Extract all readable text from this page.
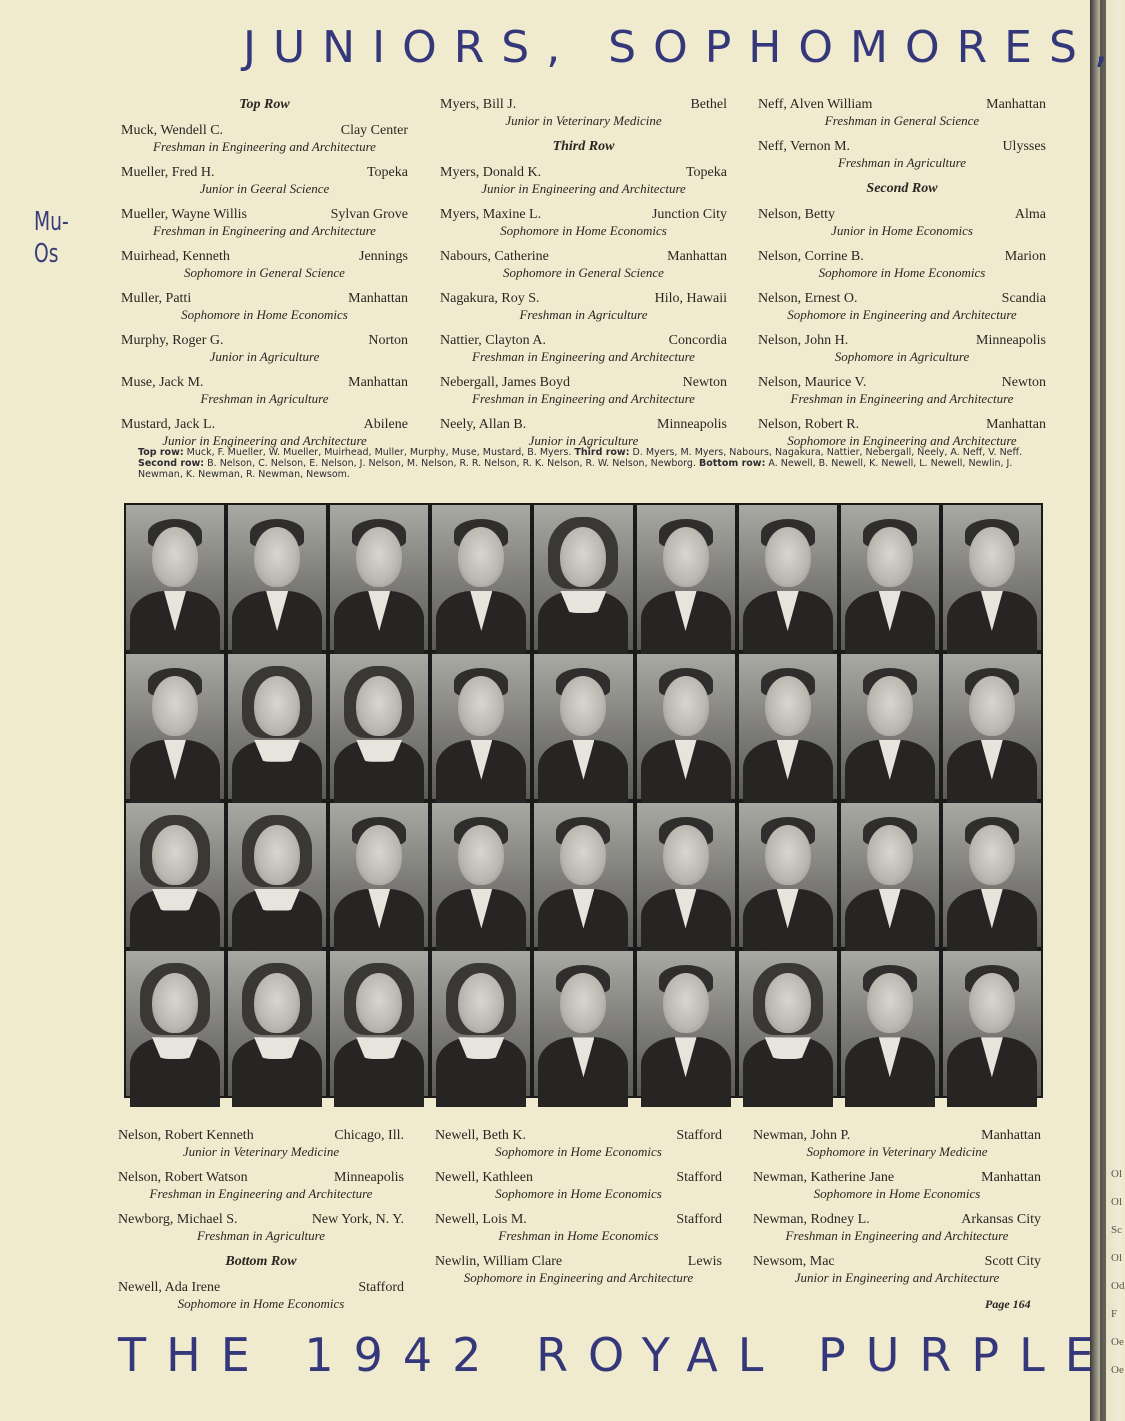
JUNIORS, SOPHOMORES,
Mu-
Os
Top Row
Muck, Wendell C.	Clay Center
Freshman in Engineering and Architecture
Mueller, Fred H.	Topeka
Junior in Geeral Science
Mueller, Wayne Willis	Sylvan Grove
Freshman in Engineering and Architecture
Muirhead, Kenneth	Jennings
Sophomore in General Science
Muller, Patti	Manhattan
Sophomore in Home Economics
Murphy, Roger G.	Norton
Junior in Agriculture
Muse, Jack M.	Manhattan
Freshman in Agriculture
Mustard, Jack L.	Abilene
Junior in Engineering and Architecture
Myers, Bill J.	Bethel
Junior in Veterinary Medicine
Third Row
Myers, Donald K.	Topeka
Junior in Engineering and Architecture
Myers, Maxine L.	Junction City
Sophomore in Home Economics
Nabours, Catherine	Manhattan
Sophomore in General Science
Nagakura, Roy S.	Hilo, Hawaii
Freshman in Agriculture
Nattier, Clayton A.	Concordia
Freshman in Engineering and Architecture
Nebergall, James Boyd	Newton
Freshman in Engineering and Architecture
Neely, Allan B.	Minneapolis
Junior in Agriculture
Neff, Alven William	Manhattan
Freshman in General Science
Neff, Vernon M.	Ulysses
Freshman in Agriculture
Second Row
Nelson, Betty	Alma
Junior in Home Economics
Nelson, Corrine B.	Marion
Sophomore in Home Economics
Nelson, Ernest O.	Scandia
Sophomore in Engineering and Architecture
Nelson, John H.	Minneapolis
Sophomore in Agriculture
Nelson, Maurice V.	Newton
Freshman in Engineering and Architecture
Nelson, Robert R.	Manhattan
Sophomore in Engineering and Architecture
Top row: Muck, F. Mueller, W. Mueller, Muirhead, Muller, Murphy, Muse, Mustard, B. Myers. Third row: D. Myers, M. Myers, Nabours, Nagakura, Nattier, Nebergall, Neely, A. Neff, V. Neff. Second row: B. Nelson, C. Nelson, E. Nelson, J. Nelson, M. Nelson, R. R. Nelson, R. K. Nelson, R. W. Nelson, Newborg. Bottom row: A. Newell, B. Newell, K. Newell, L. Newell, Newlin, J. Newman, K. Newman, R. Newman, Newsom.
Nelson, Robert Kenneth	Chicago, Ill.
Junior in Veterinary Medicine
Nelson, Robert Watson	Minneapolis
Freshman in Engineering and Architecture
Newborg, Michael S.	New York, N. Y.
Freshman in Agriculture
Bottom Row
Newell, Ada Irene	Stafford
Sophomore in Home Economics
Newell, Beth K.	Stafford
Sophomore in Home Economics
Newell, Kathleen	Stafford
Sophomore in Home Economics
Newell, Lois M.	Stafford
Freshman in Home Economics
Newlin, William Clare	Lewis
Sophomore in Engineering and Architecture
Newman, John P.	Manhattan
Sophomore in Veterinary Medicine
Newman, Katherine Jane	Manhattan
Sophomore in Home Economics
Newman, Rodney L.	Arkansas City
Freshman in Engineering and Architecture
Newsom, Mac	Scott City
Junior in Engineering and Architecture
Page 164
THE 1942 ROYAL PURPLE
Ol
Ol
Sc
Ol
Od
F
Oe
Oe
